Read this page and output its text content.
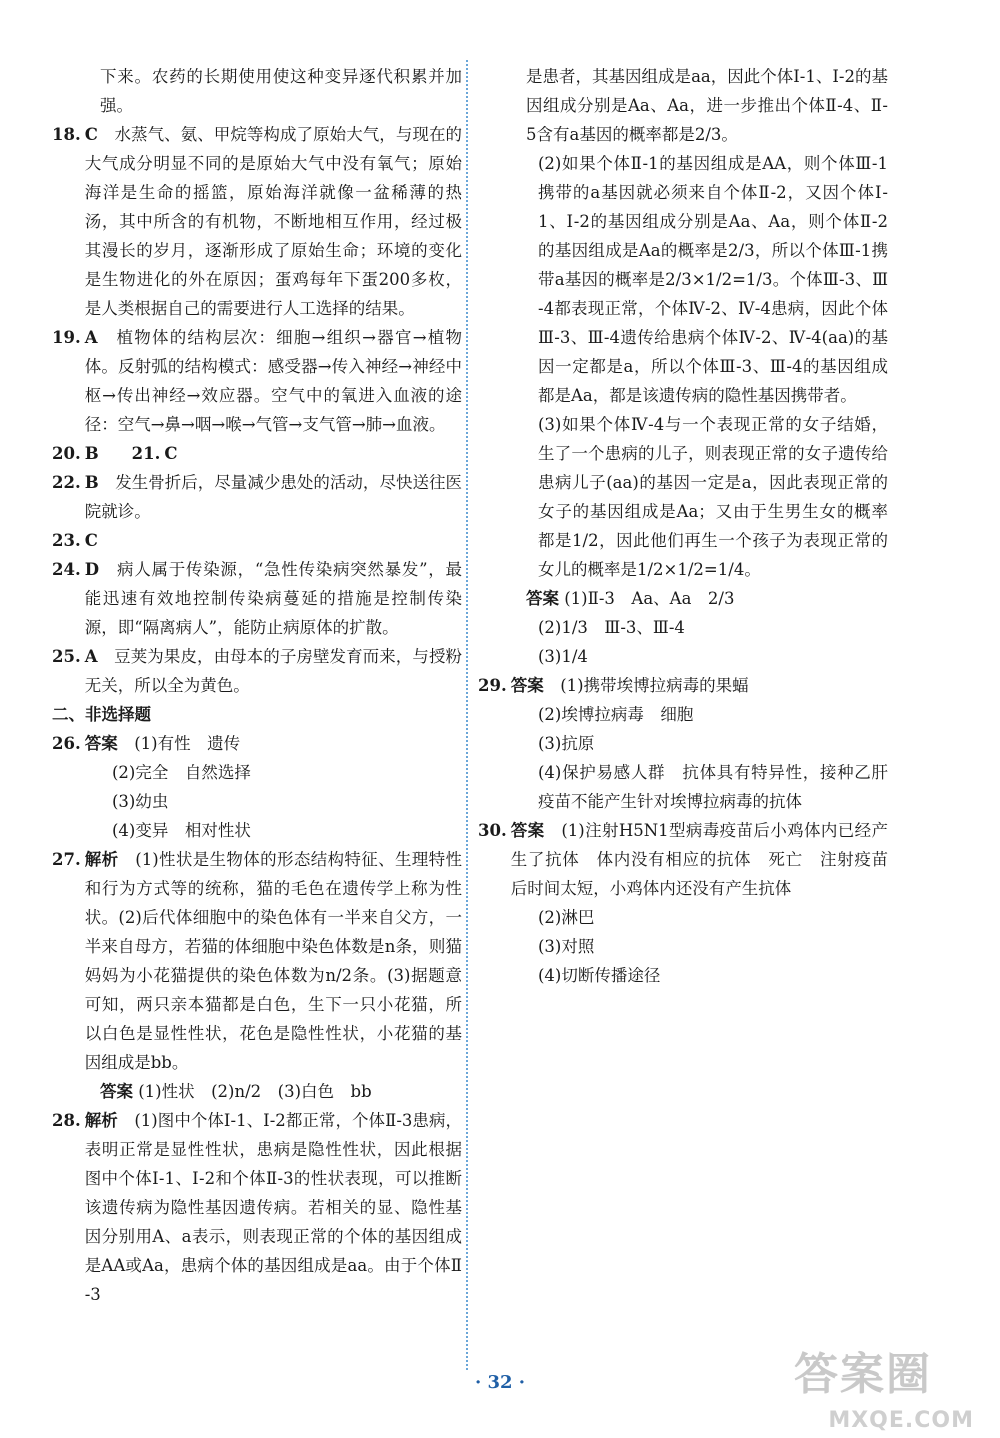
下来。农药的长期使用使这种变异逐代积累并加强。

18. C　 水蒸气、氨、甲烷等构成了原始大气，与现在的大气成分明显不同的是原始大气中没有氧气；原始海洋是生命的摇篮，原始海洋就像一盆稀薄的热汤，其中所含的有机物，不断地相互作用，经过极其漫长的岁月，逐渐形成了原始生命；环境的变化是生物进化的外在原因；蛋鸡每年下蛋200多枚，是人类根据自己的需要进行人工选择的结果。
19. A　 植物体的结构层次：细胞→组织→器官→植物体。反射弧的结构模式：感受器→传入神经→神经中枢→传出神经→效应器。空气中的氧进入血液的途径：空气→鼻→咽→喉→气管→支气管→肺→血液。
20. B　　 21. C
22. B　 发生骨折后，尽量减少患处的活动，尽快送往医院就诊。
23. C　
24. D　 病人属于传染源，“急性传染病突然暴发”，最能迅速有效地控制传染病蔓延的措施是控制传染源，即“隔离病人”，能防止病原体的扩散。
25. A　 豆荚为果皮，由母本的子房壁发育而来，与授粉无关，所以全为黄色。

二、非选择题

26. 答案　 (1)有性　遗传

(2)完全　自然选择

(3)幼虫

(4)变异　相对性状

27. 解析　 (1)性状是生物体的形态结构特征、生理特性和行为方式等的统称，猫的毛色在遗传学上称为性状。(2)后代体细胞中的染色体有一半来自父方，一半来自母方，若猫的体细胞中染色体数是n条，则猫妈妈为小花猫提供的染色体数为n/2条。(3)据题意可知，两只亲本猫都是白色，生下一只小花猫，所以白色是显性性状，花色是隐性性状，小花猫的基因组成是bb。

答案 (1)性状　(2)n/2　(3)白色　bb

28. 解析　 (1)图中个体Ⅰ-1、Ⅰ-2都正常，个体Ⅱ-3患病，表明正常是显性性状，患病是隐性性状，因此根据图中个体Ⅰ-1、Ⅰ-2和个体Ⅱ-3的性状表现，可以推断该遗传病为隐性基因遗传病。若相关的显、隐性基因分别用A、a表示，则表现正常的个体的基因组成是AA或Aa，患病个体的基因组成是aa。由于个体Ⅱ-3

是患者，其基因组成是aa，因此个体Ⅰ-1、Ⅰ-2的基因组成分别是Aa、Aa，进一步推出个体Ⅱ-4、Ⅱ-5含有a基因的概率都是2/3。

(2)如果个体Ⅱ-1的基因组成是AA，则个体Ⅲ-1携带的a基因就必须来自个体Ⅱ-2，又因个体Ⅰ-1、Ⅰ-2的基因组成分别是Aa、Aa，则个体Ⅱ-2的基因组成是Aa的概率是2/3，所以个体Ⅲ-1携带a基因的概率是2/3×1/2=1/3。个体Ⅲ-3、Ⅲ-4都表现正常，个体Ⅳ-2、Ⅳ-4患病，因此个体Ⅲ-3、Ⅲ-4遗传给患病个体Ⅳ-2、Ⅳ-4(aa)的基因一定都是a，所以个体Ⅲ-3、Ⅲ-4的基因组成都是Aa，都是该遗传病的隐性基因携带者。

(3)如果个体Ⅳ-4与一个表现正常的女子结婚，生了一个患病的儿子，则表现正常的女子遗传给患病儿子(aa)的基因一定是a，因此表现正常的女子的基因组成是Aa；又由于生男生女的概率都是1/2，因此他们再生一个孩子为表现正常的女儿的概率是1/2×1/2=1/4。

答案 (1)Ⅱ-3　Aa、Aa　2/3

(2)1/3　Ⅲ-3、Ⅲ-4

(3)1/4

29. 答案　 (1)携带埃博拉病毒的果蝠

(2)埃博拉病毒　细胞

(3)抗原

(4)保护易感人群　抗体具有特异性，接种乙肝疫苗不能产生针对埃博拉病毒的抗体

30. 答案　 (1)注射H5N1型病毒疫苗后小鸡体内已经产生了抗体　体内没有相应的抗体　死亡　注射疫苗后时间太短，小鸡体内还没有产生抗体

(2)淋巴

(3)对照

(4)切断传播途径

· 32 ·	答案圈
MXQE.COM
